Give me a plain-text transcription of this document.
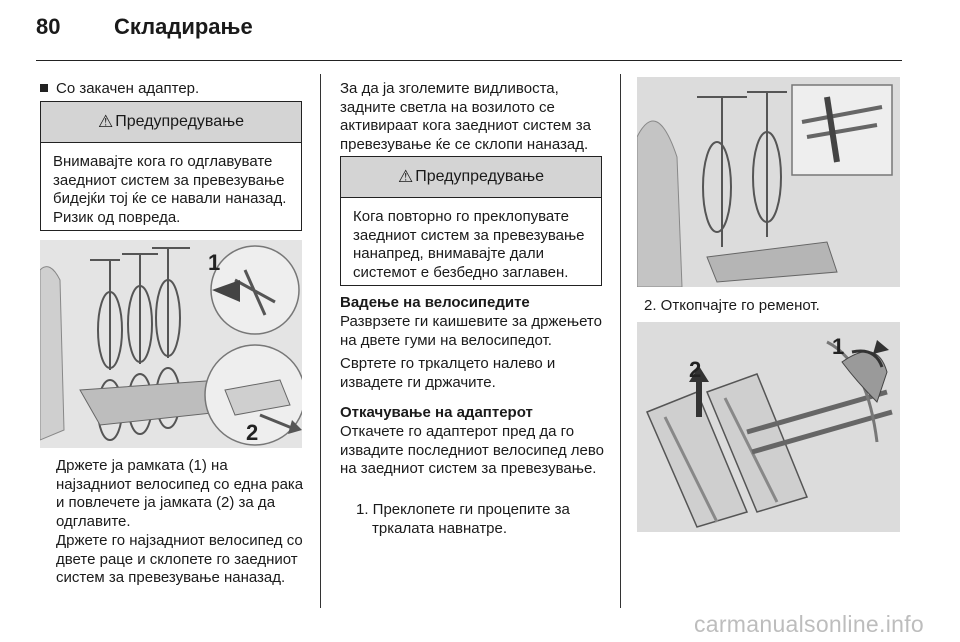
80 Складирање
Со закачен адаптер.
⚠ Предупредување
Внимавајте кога го одглавувате заедниот систем за превезување бидејќи тој ќе се навали наназад. Ризик од повреда.
1
2
Држете ја рамката (1) на најзадниот велосипед со една рака и повлечете ја јамката (2) за да одглавите.
Држете го најзадниот велосипед со двете раце и склопете го заедниот систем за превезување наназад.
За да ја зголемите видливоста, задните светла на возилото се активираат кога заедниот систем за превезување ќе се склопи наназад.
⚠ Предупредување
Кога повторно го преклопувате заедниот систем за превезување нанапред, внимавајте дали системот е безбедно заглавен.
Вадење на велосипедите
Разврзете ги каишевите за држењето на двете гуми на велосипедот.
Свртете го тркалцето налево и извадете ги држачите.
Откачување на адаптерот
Откачете го адаптерот пред да го извадите последниот велосипед лево на заедниот систем за превезување.
1. Преклопете ги процепите за тркалата навнатре.
2. Откопчајте го ременот.
2
1
carmanualsonline.info
